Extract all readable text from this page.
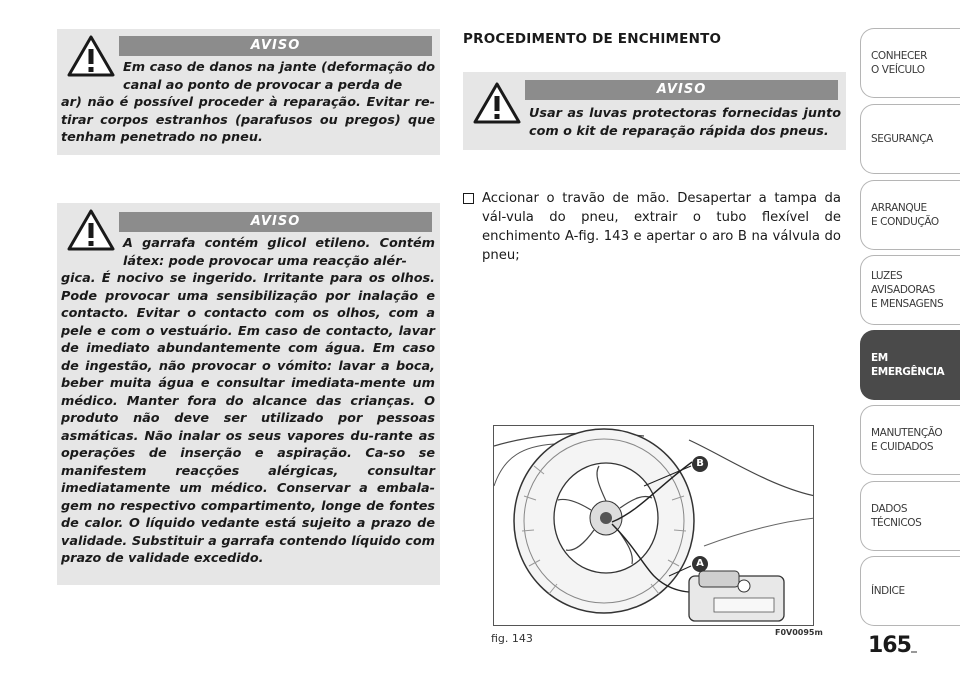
AVISO
Em caso de danos na jante (deformação do canal ao ponto de provocar a perda de
ar) não é possível proceder à reparação. Evitar re-tirar corpos estranhos (parafusos ou pregos) que tenham penetrado no pneu.
AVISO
A garrafa contém glicol etileno. Contém látex: pode provocar uma reacção alér-
gica. É nocivo se ingerido. Irritante para os olhos. Pode provocar uma sensibilização por inalação e contacto. Evitar o contacto com os olhos, com a pele e com o vestuário. Em caso de contacto, lavar de imediato abundantemente com água. Em caso de ingestão, não provocar o vómito: lavar a boca, beber muita água e consultar imediata-mente um médico. Manter fora do alcance das crianças. O produto não deve ser utilizado por pessoas asmáticas. Não inalar os seus vapores du-rante as operações de inserção e aspiração. Ca-so se manifestem reacções alérgicas, consultar imediatamente um médico. Conservar a embala-gem no respectivo compartimento, longe de fontes de calor. O líquido vedante está sujeito a prazo de validade. Substituir a garrafa contendo líquido com prazo de validade excedido.
PROCEDIMENTO DE ENCHIMENTO
AVISO
Usar as luvas protectoras fornecidas junto com o kit de reparação rápida dos pneus.
Accionar o travão de mão. Desapertar a tampa da vál-vula do pneu, extrair o tubo flexível de enchimento A-fig. 143 e apertar o aro B na válvula do pneu;
B
A
fig. 143	F0V0095m
CONHECER
O VEÍCULO
SEGURANÇA
ARRANQUE
E CONDUÇÃO
LUZES AVISADORAS
E MENSAGENS
EM EMERGÊNCIA
MANUTENÇÃO
E CUIDADOS
DADOS TÉCNICOS
ÍNDICE
165
